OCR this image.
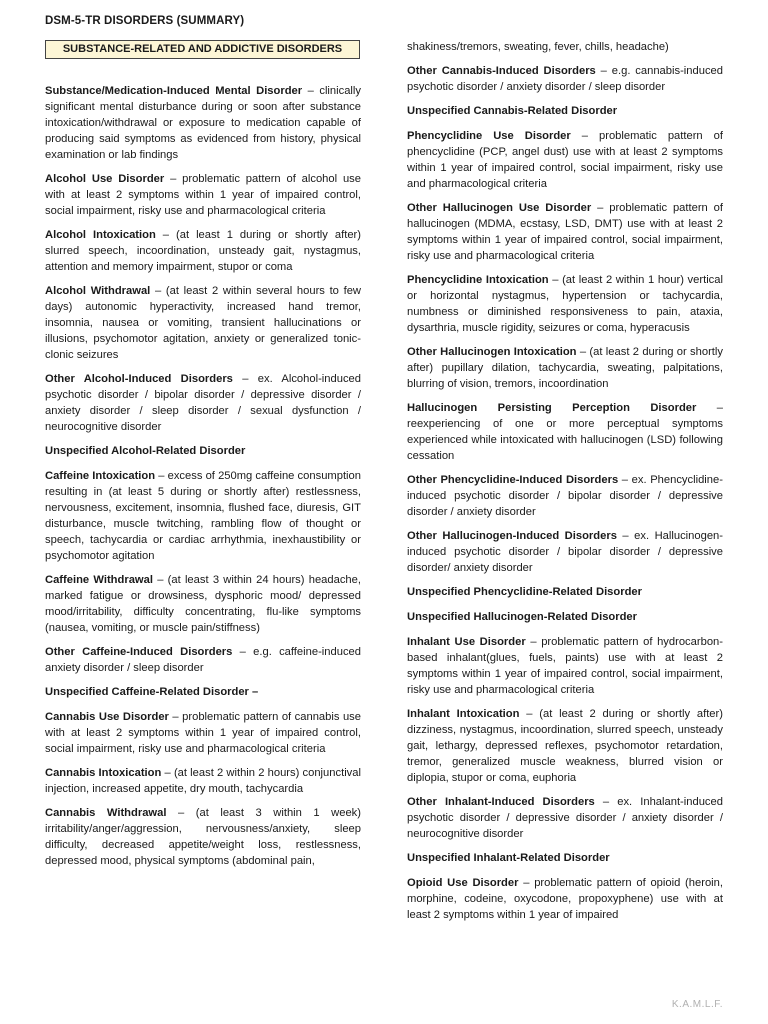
DSM-5-TR DISORDERS (SUMMARY)
SUBSTANCE-RELATED AND ADDICTIVE DISORDERS

Substance/Medication-Induced Mental Disorder – clinically significant mental disturbance during or soon after substance intoxication/withdrawal or exposure to medication capable of producing said symptoms as evidenced from history, physical examination or lab findings

Alcohol Use Disorder – problematic pattern of alcohol use with at least 2 symptoms within 1 year of impaired control, social impairment, risky use and pharmacological criteria

Alcohol Intoxication – (at least 1 during or shortly after) slurred speech, incoordination, unsteady gait, nystagmus, attention and memory impairment, stupor or coma

Alcohol Withdrawal – (at least 2 within several hours to few days) autonomic hyperactivity, increased hand tremor, insomnia, nausea or vomiting, transient hallucinations or illusions, psychomotor agitation, anxiety or generalized tonic-clonic seizures

Other Alcohol-Induced Disorders – ex. Alcohol-induced psychotic disorder / bipolar disorder / depressive disorder / anxiety disorder / sleep disorder / sexual dysfunction / neurocognitive disorder

Unspecified Alcohol-Related Disorder

Caffeine Intoxication – excess of 250mg caffeine consumption resulting in (at least 5 during or shortly after) restlessness, nervousness, excitement, insomnia, flushed face, diuresis, GIT disturbance, muscle twitching, rambling flow of thought or speech, tachycardia or cardiac arrhythmia, inexhaustibility or psychomotor agitation

Caffeine Withdrawal – (at least 3 within 24 hours) headache, marked fatigue or drowsiness, dysphoric mood/ depressed mood/irritability, difficulty concentrating, flu-like symptoms (nausea, vomiting, or muscle pain/stiffness)

Other Caffeine-Induced Disorders – e.g. caffeine-induced anxiety disorder / sleep disorder

Unspecified Caffeine-Related Disorder –

Cannabis Use Disorder – problematic pattern of cannabis use with at least 2 symptoms within 1 year of impaired control, social impairment, risky use and pharmacological criteria

Cannabis Intoxication – (at least 2 within 2 hours) conjunctival injection, increased appetite, dry mouth, tachycardia

Cannabis Withdrawal – (at least 3 within 1 week) irritability/anger/aggression, nervousness/anxiety, sleep difficulty, decreased appetite/weight loss, restlessness, depressed mood, physical symptoms (abdominal pain,

shakiness/tremors, sweating, fever, chills, headache)

Other Cannabis-Induced Disorders – e.g. cannabis-induced psychotic disorder / anxiety disorder / sleep disorder

Unspecified Cannabis-Related Disorder

Phencyclidine Use Disorder – problematic pattern of phencyclidine (PCP, angel dust) use with at least 2 symptoms within 1 year of impaired control, social impairment, risky use and pharmacological criteria

Other Hallucinogen Use Disorder – problematic pattern of hallucinogen (MDMA, ecstasy, LSD, DMT) use with at least 2 symptoms within 1 year of impaired control, social impairment, risky use and pharmacological criteria

Phencyclidine Intoxication – (at least 2 within 1 hour) vertical or horizontal nystagmus, hypertension or tachycardia, numbness or diminished responsiveness to pain, ataxia, dysarthria, muscle rigidity, seizures or coma, hyperacusis

Other Hallucinogen Intoxication – (at least 2 during or shortly after) pupillary dilation, tachycardia, sweating, palpitations, blurring of vision, tremors, incoordination

Hallucinogen Persisting Perception Disorder – reexperiencing of one or more perceptual symptoms experienced while intoxicated with hallucinogen (LSD) following cessation

Other Phencyclidine-Induced Disorders – ex. Phencyclidine-induced psychotic disorder / bipolar disorder / depressive disorder / anxiety disorder

Other Hallucinogen-Induced Disorders – ex. Hallucinogen-induced psychotic disorder / bipolar disorder / depressive disorder/ anxiety disorder

Unspecified Phencyclidine-Related Disorder

Unspecified Hallucinogen-Related Disorder

Inhalant Use Disorder – problematic pattern of hydrocarbon-based inhalant(glues, fuels, paints) use with at least 2 symptoms within 1 year of impaired control, social impairment, risky use and pharmacological criteria

Inhalant Intoxication – (at least 2 during or shortly after) dizziness, nystagmus, incoordination, slurred speech, unsteady gait, lethargy, depressed reflexes, psychomotor retardation, tremor, generalized muscle weakness, blurred vision or diplopia, stupor or coma, euphoria

Other Inhalant-Induced Disorders – ex. Inhalant-induced psychotic disorder / depressive disorder / anxiety disorder / neurocognitive disorder

Unspecified Inhalant-Related Disorder

Opioid Use Disorder – problematic pattern of opioid (heroin, morphine, codeine, oxycodone, propoxyphene) use with at least 2 symptoms within 1 year of impaired

K.A.M.L.F.
